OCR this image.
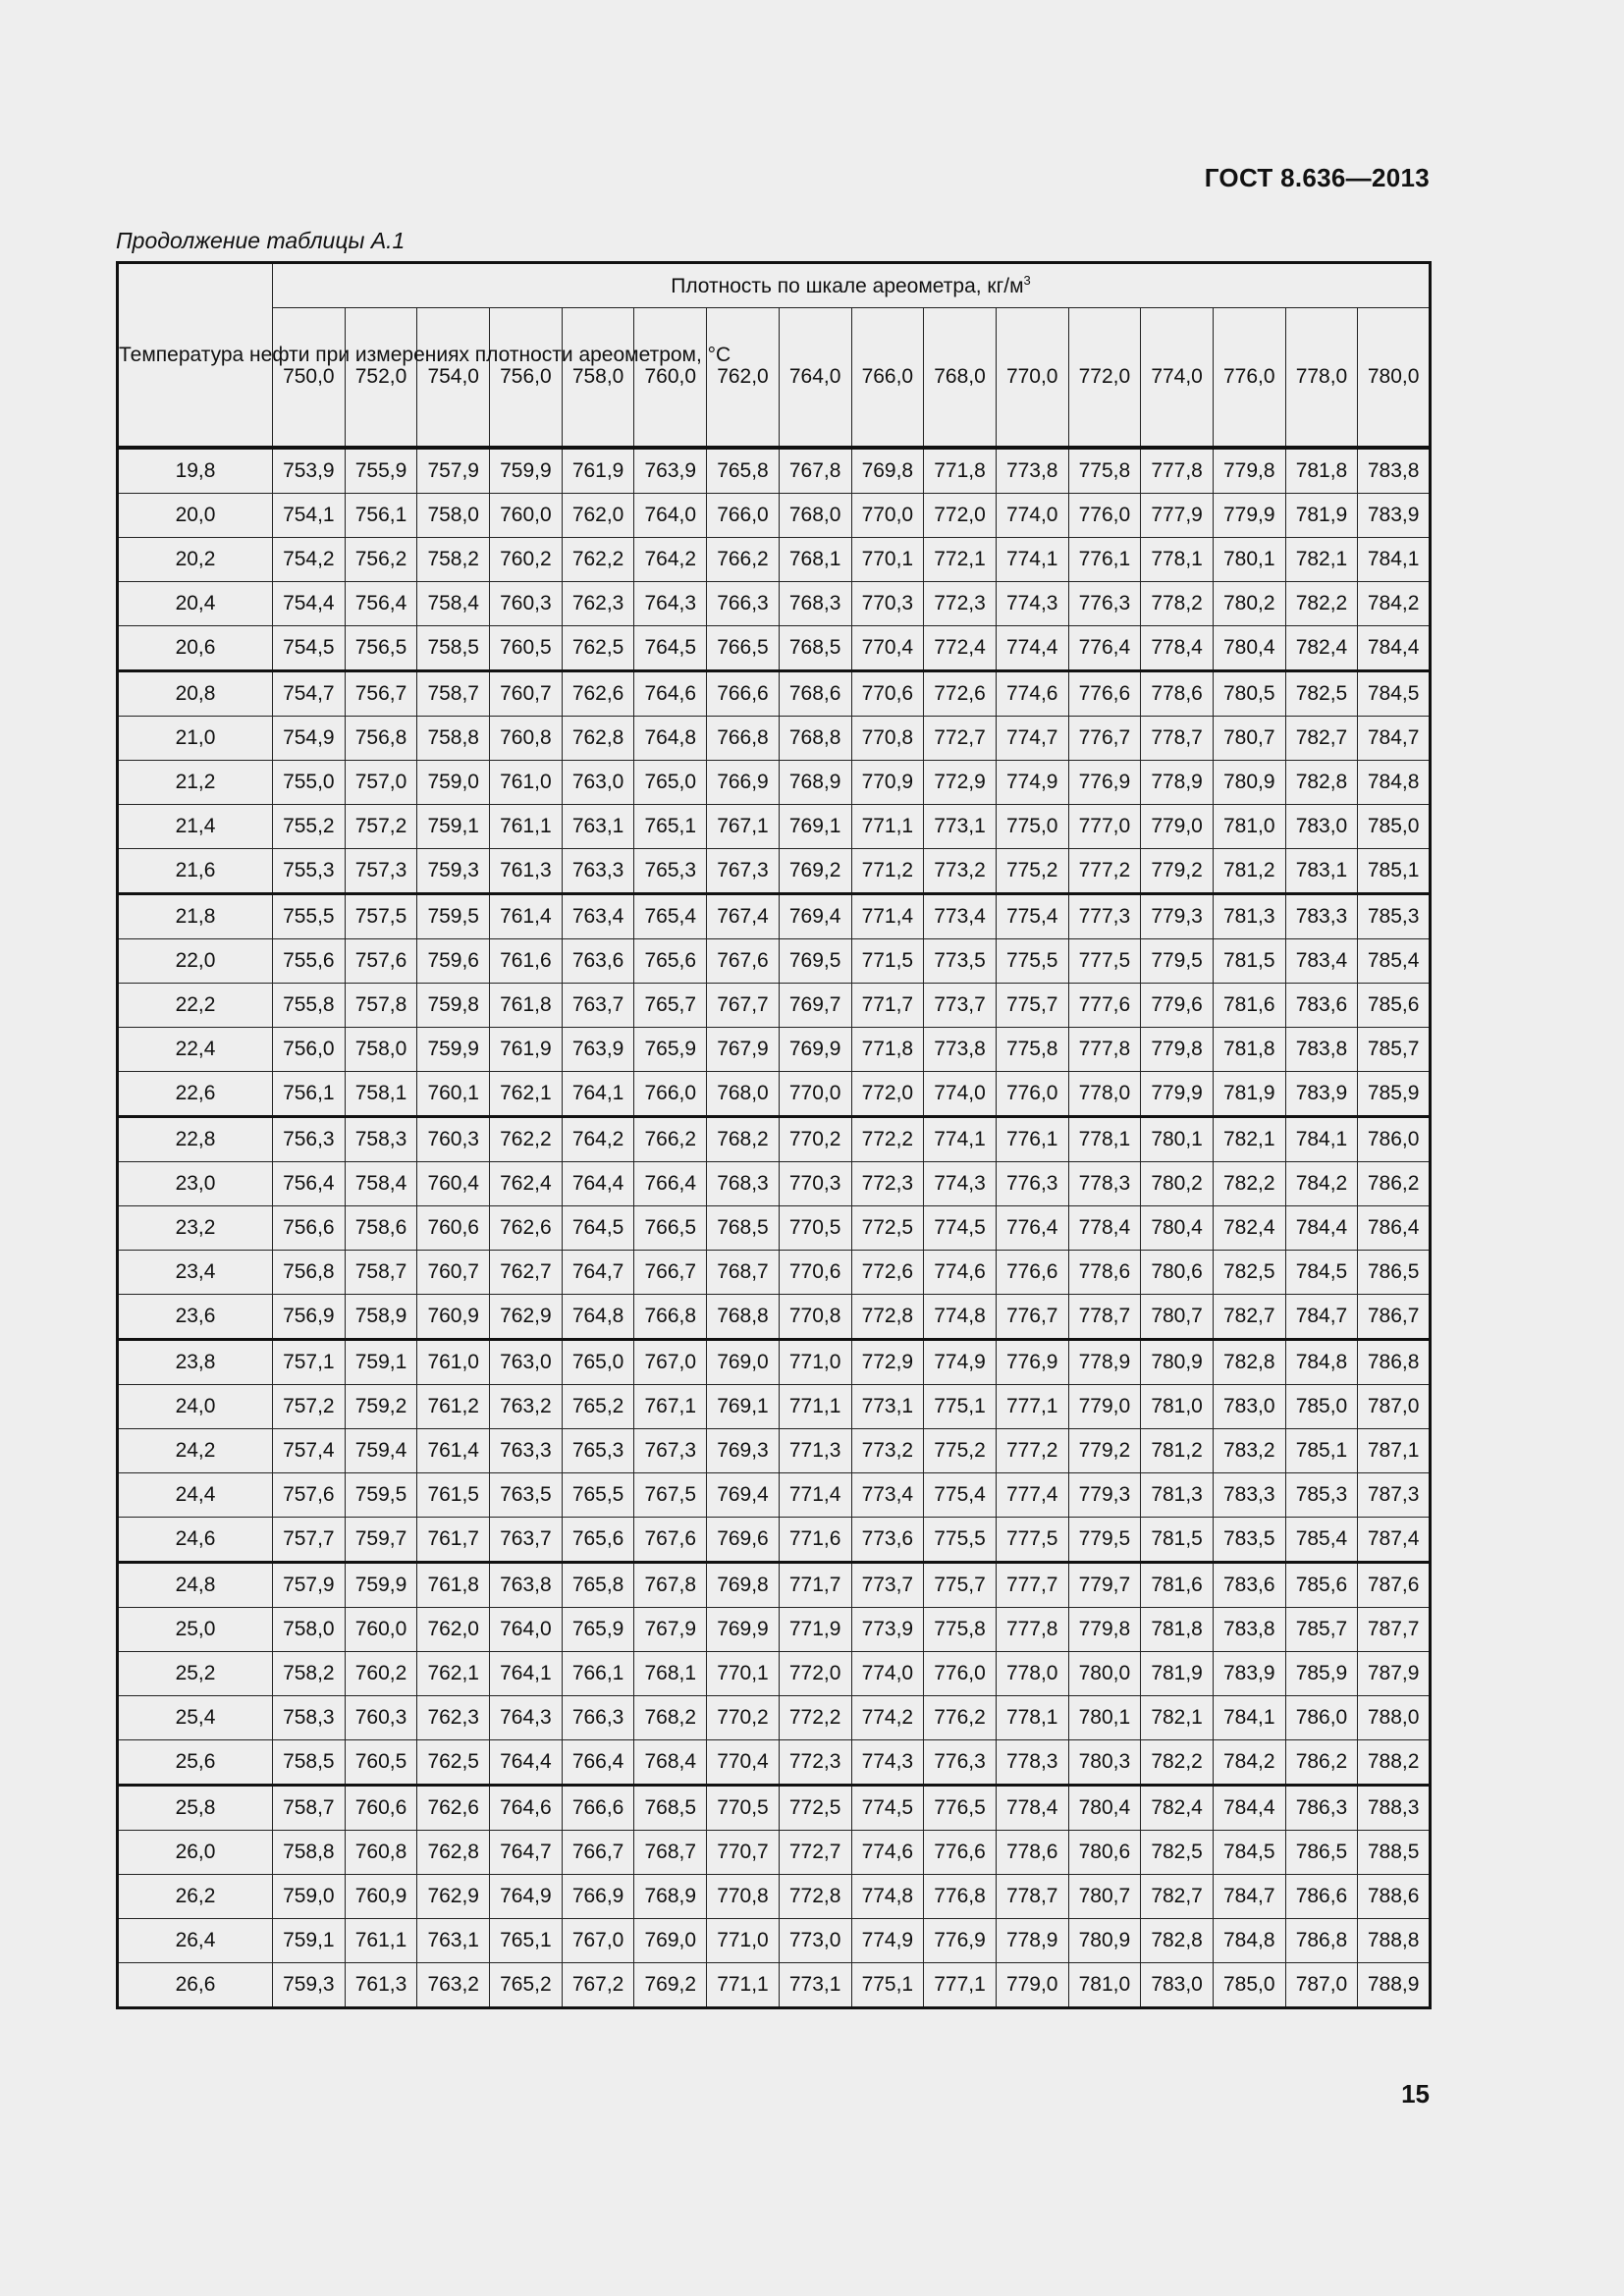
ГОСТ 8.636—2013
Продолжение таблицы А.1
Температура нефти при измерениях плотности ареометром, °С	Плотность по шкале ареометра, $кг/м^3$
	750,0	752,0	754,0	756,0	758,0	760,0	762,0	764,0	766,0	768,0	770,0	772,0	774,0	776,0	778,0	780,0
19,8	753,9	755,9	757,9	759,9	761,9	763,9	765,8	767,8	769,8	771,8	773,8	775,8	777,8	779,8	781,8	783,8
20,0	754,1	756,1	758,0	760,0	762,0	764,0	766,0	768,0	770,0	772,0	774,0	776,0	777,9	779,9	781,9	783,9
20,2	754,2	756,2	758,2	760,2	762,2	764,2	766,2	768,1	770,1	772,1	774,1	776,1	778,1	780,1	782,1	784,1
20,4	754,4	756,4	758,4	760,3	762,3	764,3	766,3	768,3	770,3	772,3	774,3	776,3	778,2	780,2	782,2	784,2
20,6	754,5	756,5	758,5	760,5	762,5	764,5	766,5	768,5	770,4	772,4	774,4	776,4	778,4	780,4	782,4	784,4
20,8	754,7	756,7	758,7	760,7	762,6	764,6	766,6	768,6	770,6	772,6	774,6	776,6	778,6	780,5	782,5	784,5
21,0	754,9	756,8	758,8	760,8	762,8	764,8	766,8	768,8	770,8	772,7	774,7	776,7	778,7	780,7	782,7	784,7
21,2	755,0	757,0	759,0	761,0	763,0	765,0	766,9	768,9	770,9	772,9	774,9	776,9	778,9	780,9	782,8	784,8
21,4	755,2	757,2	759,1	761,1	763,1	765,1	767,1	769,1	771,1	773,1	775,0	777,0	779,0	781,0	783,0	785,0
21,6	755,3	757,3	759,3	761,3	763,3	765,3	767,3	769,2	771,2	773,2	775,2	777,2	779,2	781,2	783,1	785,1
21,8	755,5	757,5	759,5	761,4	763,4	765,4	767,4	769,4	771,4	773,4	775,4	777,3	779,3	781,3	783,3	785,3
22,0	755,6	757,6	759,6	761,6	763,6	765,6	767,6	769,5	771,5	773,5	775,5	777,5	779,5	781,5	783,4	785,4
22,2	755,8	757,8	759,8	761,8	763,7	765,7	767,7	769,7	771,7	773,7	775,7	777,6	779,6	781,6	783,6	785,6
22,4	756,0	758,0	759,9	761,9	763,9	765,9	767,9	769,9	771,8	773,8	775,8	777,8	779,8	781,8	783,8	785,7
22,6	756,1	758,1	760,1	762,1	764,1	766,0	768,0	770,0	772,0	774,0	776,0	778,0	779,9	781,9	783,9	785,9
22,8	756,3	758,3	760,3	762,2	764,2	766,2	768,2	770,2	772,2	774,1	776,1	778,1	780,1	782,1	784,1	786,0
23,0	756,4	758,4	760,4	762,4	764,4	766,4	768,3	770,3	772,3	774,3	776,3	778,3	780,2	782,2	784,2	786,2
23,2	756,6	758,6	760,6	762,6	764,5	766,5	768,5	770,5	772,5	774,5	776,4	778,4	780,4	782,4	784,4	786,4
23,4	756,8	758,7	760,7	762,7	764,7	766,7	768,7	770,6	772,6	774,6	776,6	778,6	780,6	782,5	784,5	786,5
23,6	756,9	758,9	760,9	762,9	764,8	766,8	768,8	770,8	772,8	774,8	776,7	778,7	780,7	782,7	784,7	786,7
23,8	757,1	759,1	761,0	763,0	765,0	767,0	769,0	771,0	772,9	774,9	776,9	778,9	780,9	782,8	784,8	786,8
24,0	757,2	759,2	761,2	763,2	765,2	767,1	769,1	771,1	773,1	775,1	777,1	779,0	781,0	783,0	785,0	787,0
24,2	757,4	759,4	761,4	763,3	765,3	767,3	769,3	771,3	773,2	775,2	777,2	779,2	781,2	783,2	785,1	787,1
24,4	757,6	759,5	761,5	763,5	765,5	767,5	769,4	771,4	773,4	775,4	777,4	779,3	781,3	783,3	785,3	787,3
24,6	757,7	759,7	761,7	763,7	765,6	767,6	769,6	771,6	773,6	775,5	777,5	779,5	781,5	783,5	785,4	787,4
24,8	757,9	759,9	761,8	763,8	765,8	767,8	769,8	771,7	773,7	775,7	777,7	779,7	781,6	783,6	785,6	787,6
25,0	758,0	760,0	762,0	764,0	765,9	767,9	769,9	771,9	773,9	775,8	777,8	779,8	781,8	783,8	785,7	787,7
25,2	758,2	760,2	762,1	764,1	766,1	768,1	770,1	772,0	774,0	776,0	778,0	780,0	781,9	783,9	785,9	787,9
25,4	758,3	760,3	762,3	764,3	766,3	768,2	770,2	772,2	774,2	776,2	778,1	780,1	782,1	784,1	786,0	788,0
25,6	758,5	760,5	762,5	764,4	766,4	768,4	770,4	772,3	774,3	776,3	778,3	780,3	782,2	784,2	786,2	788,2
25,8	758,7	760,6	762,6	764,6	766,6	768,5	770,5	772,5	774,5	776,5	778,4	780,4	782,4	784,4	786,3	788,3
26,0	758,8	760,8	762,8	764,7	766,7	768,7	770,7	772,7	774,6	776,6	778,6	780,6	782,5	784,5	786,5	788,5
26,2	759,0	760,9	762,9	764,9	766,9	768,9	770,8	772,8	774,8	776,8	778,7	780,7	782,7	784,7	786,6	788,6
26,4	759,1	761,1	763,1	765,1	767,0	769,0	771,0	773,0	774,9	776,9	778,9	780,9	782,8	784,8	786,8	788,8
26,6	759,3	761,3	763,2	765,2	767,2	769,2	771,1	773,1	775,1	777,1	779,0	781,0	783,0	785,0	787,0	788,9
15
